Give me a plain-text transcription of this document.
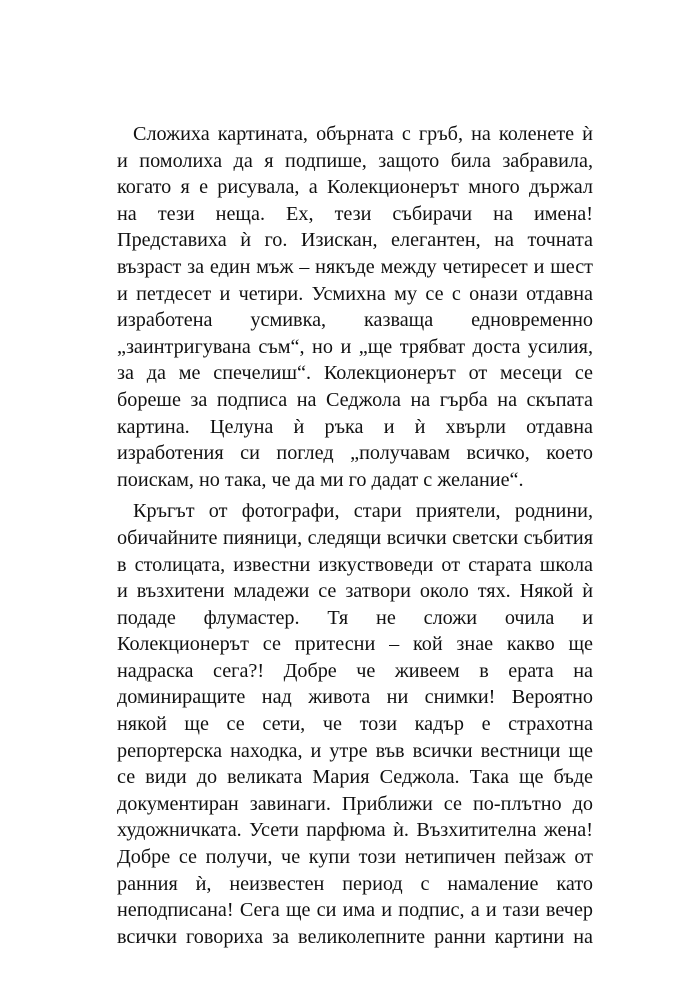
Сложиха картината, обърната с гръб, на коленете ѝ
и помолиха да я подпише, защото била забравила,
когато я е рисувала, а Колекционерът много държал
на тези неща. Ех, тези събирачи на имена!
Представиха ѝ го. Изискан, елегантен, на точната
възраст за един мъж – някъде между четиресет и шест
и петдесет и четири. Усмихна му се с онази отдавна
изработена усмивка, казваща едновременно
„заинтригувана съм“, но и „ще трябват доста усилия,
за да ме спечелиш“. Колекционерът от месеци се
бореше за подписа на Седжола на гърба на скъпата
картина. Целуна ѝ ръка и ѝ хвърли отдавна
изработения си поглед „получавам всичко, което
поискам, но така, че да ми го дадат с желание“.

Кръгът от фотографи, стари приятели, роднини,
обичайните пияници, следящи всички светски събития
в столицата, известни изкуствоведи от старата школа
и възхитени младежи се затвори около тях. Някой ѝ
подаде флумастер. Тя не сложи очила и
Колекционерът се притесни – кой знае какво ще
надраска сега?! Добре че живеем в ерата на
доминиращите над живота ни снимки! Вероятно
някой ще се сети, че този кадър е страхотна
репортерска находка, и утре във всички вестници ще
се види до великата Мария Седжола. Така ще бъде
документиран завинаги. Приближи се по-плътно до
художничката. Усети парфюма ѝ. Възхитителна жена!
Добре се получи, че купи този нетипичен пейзаж от
ранния ѝ, неизвестен период с намаление като
неподписана! Сега ще си има и подпис, а и тази вечер
всички говориха за великолепните ранни картини на
